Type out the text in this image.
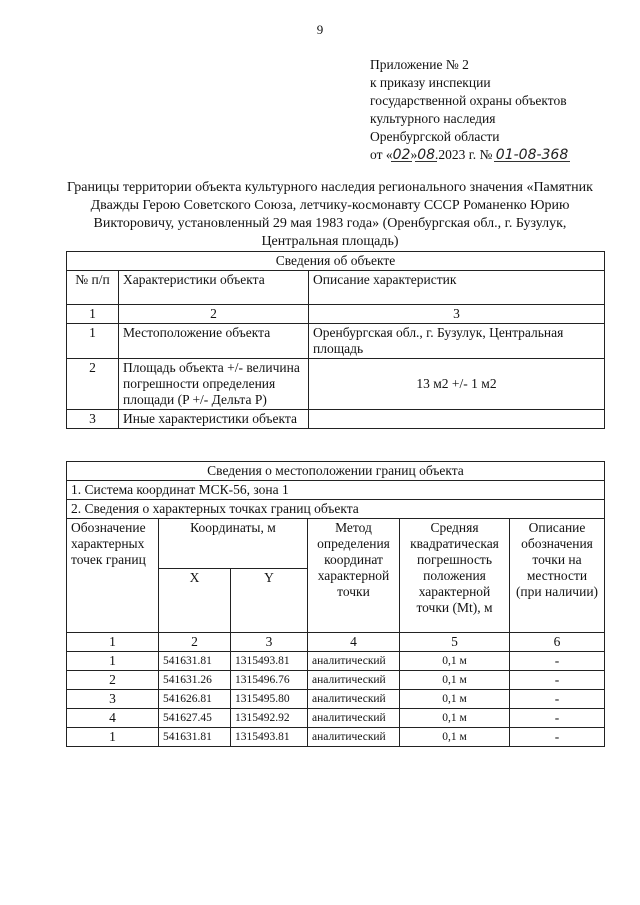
9
Приложение № 2
к приказу инспекции
государственной охраны объектов
культурного наследия
Оренбургской области
от «02»08.2023 г. № 01-08-368
Границы территории объекта культурного наследия регионального значения «Памятник Дважды Герою Советского Союза, летчику-космонавту СССР Романенко Юрию Викторовичу, установленный 29 мая 1983 года» (Оренбургская обл., г. Бузулук, Центральная площадь)
Сведения об объекте		
№ п/п	Характеристики объекта	Описание характеристик
1	2	3
1	Местоположение объекта	Оренбургская обл., г. Бузулук, Центральная площадь
2	Площадь объекта +/- величина погрешности определения площади (P +/- Дельта P)	13 м2 +/- 1 м2
3	Иные характеристики объекта	
Сведения о местоположении границ объекта					
1. Система координат МСК-56, зона 1					
2. Сведения о характерных точках границ объекта					
Обозначение характерных точек границ	Координаты, м		Метод определения координат характерной точки	Средняя квадратическая погрешность положения характерной точки (Mt), м	Описание обозначения точки на местности (при наличии)
	X	Y			
1	2	3	4	5	6
1	541631.81	1315493.81	аналитический	0,1 м	-
2	541631.26	1315496.76	аналитический	0,1 м	-
3	541626.81	1315495.80	аналитический	0,1 м	-
4	541627.45	1315492.92	аналитический	0,1 м	-
1	541631.81	1315493.81	аналитический	0,1 м	-
